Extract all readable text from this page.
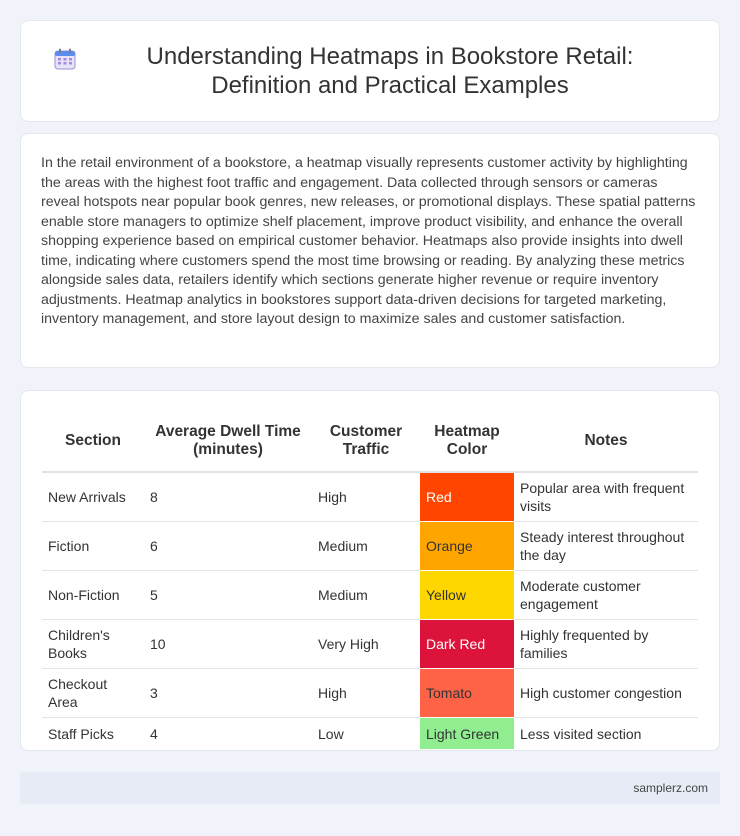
Understanding Heatmaps in Bookstore Retail: Definition and Practical Examples

In the retail environment of a bookstore, a heatmap visually represents customer activity by highlighting the areas with the highest foot traffic and engagement. Data collected through sensors or cameras reveal hotspots near popular book genres, new releases, or promotional displays. These spatial patterns enable store managers to optimize shelf placement, improve product visibility, and enhance the overall shopping experience based on empirical customer behavior. Heatmaps also provide insights into dwell time, indicating where customers spend the most time browsing or reading. By analyzing these metrics alongside sales data, retailers identify which sections generate higher revenue or require inventory adjustments. Heatmap analytics in bookstores support data-driven decisions for targeted marketing, inventory management, and store layout design to maximize sales and customer satisfaction.

Section	Average Dwell Time (minutes)	Customer Traffic	Heatmap Color	Notes
New Arrivals	8	High	Red	Popular area with frequent visits
Fiction	6	Medium	Orange	Steady interest throughout the day
Non-Fiction	5	Medium	Yellow	Moderate customer engagement
Children's Books	10	Very High	Dark Red	Highly frequented by families
Checkout Area	3	High	Tomato	High customer congestion
Staff Picks	4	Low	Light Green	Less visited section
samplerz.com
